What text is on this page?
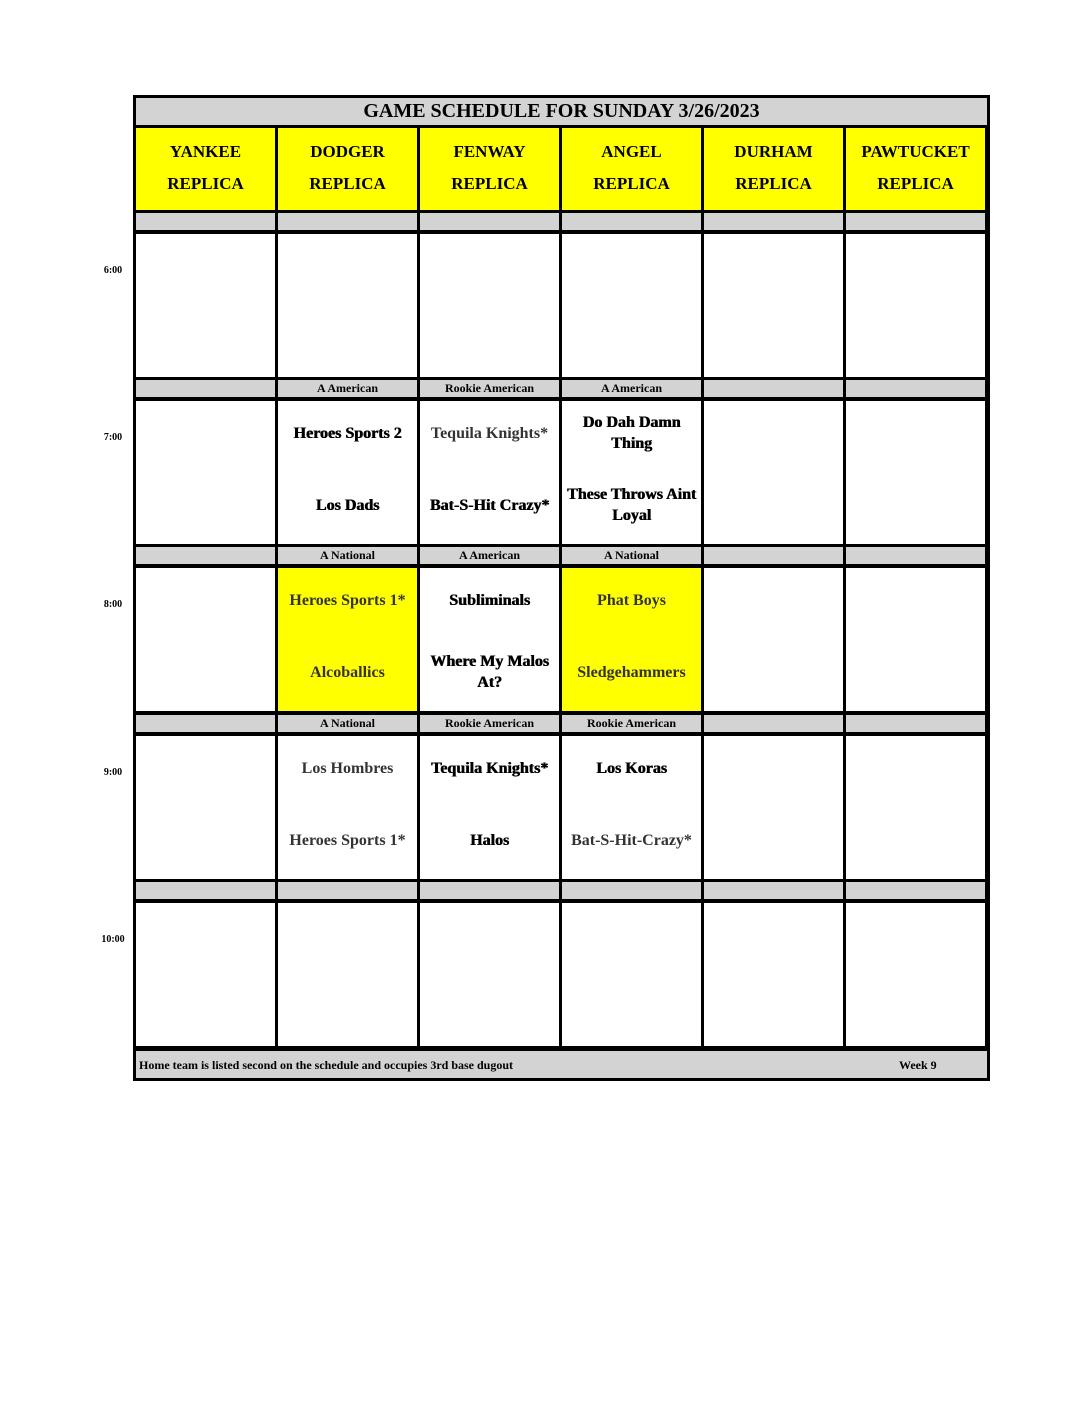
GAME SCHEDULE FOR SUNDAY 3/26/2023
Home team is listed second on the schedule and occupies 3rd base dugout	Week 9
YANKEE
REPLICA
DODGER
REPLICA
FENWAY
REPLICA
ANGEL
REPLICA
DURHAM
REPLICA
PAWTUCKET
REPLICA
A American
Heroes Sports 2
Los Dads
Rookie American
Tequila Knights*
Bat-S-Hit Crazy*
A American
Do Dah Damn Thing
These Throws Aint Loyal
A National
Heroes Sports 1*
Alcoballics
A American
Subliminals
Where My Malos At?
A National
Phat Boys
Sledgehammers
A National
Los Hombres
Heroes Sports 1*
Rookie American
Tequila Knights*
Halos
Rookie American
Los Koras
Bat-S-Hit-Crazy*
6:00
7:00
8:00
9:00
10:00
